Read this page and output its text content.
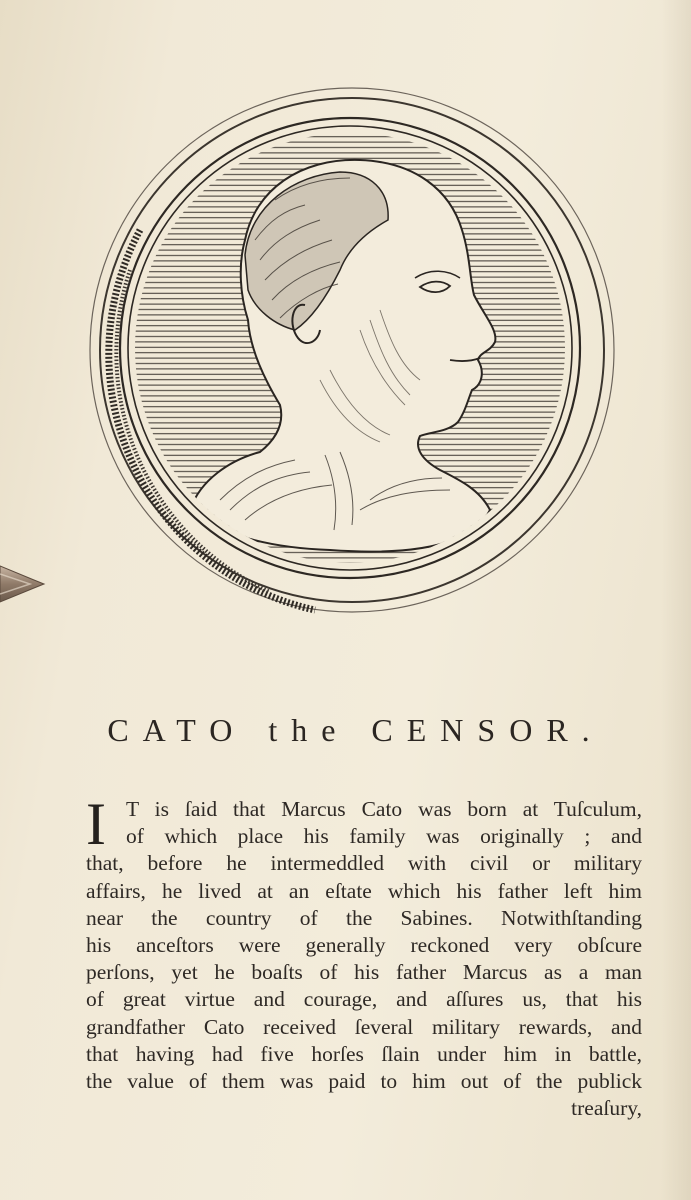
CATO the CENSOR.
I T is ſaid that Marcus Cato was born at Tuſculum,
of which place his family was originally ; and
that, before he intermeddled with civil or military
affairs, he lived at an eſtate which his father left him
near the country of the Sabines. Notwithſtanding
his anceſtors were generally reckoned very obſcure
perſons, yet he boaſts of his father Marcus as a man
of great virtue and courage, and aſſures us, that his
grandfather Cato received ſeveral military rewards, and
that having had five horſes ſlain under him in battle,
the value of them was paid to him out of the publick
treaſury,
